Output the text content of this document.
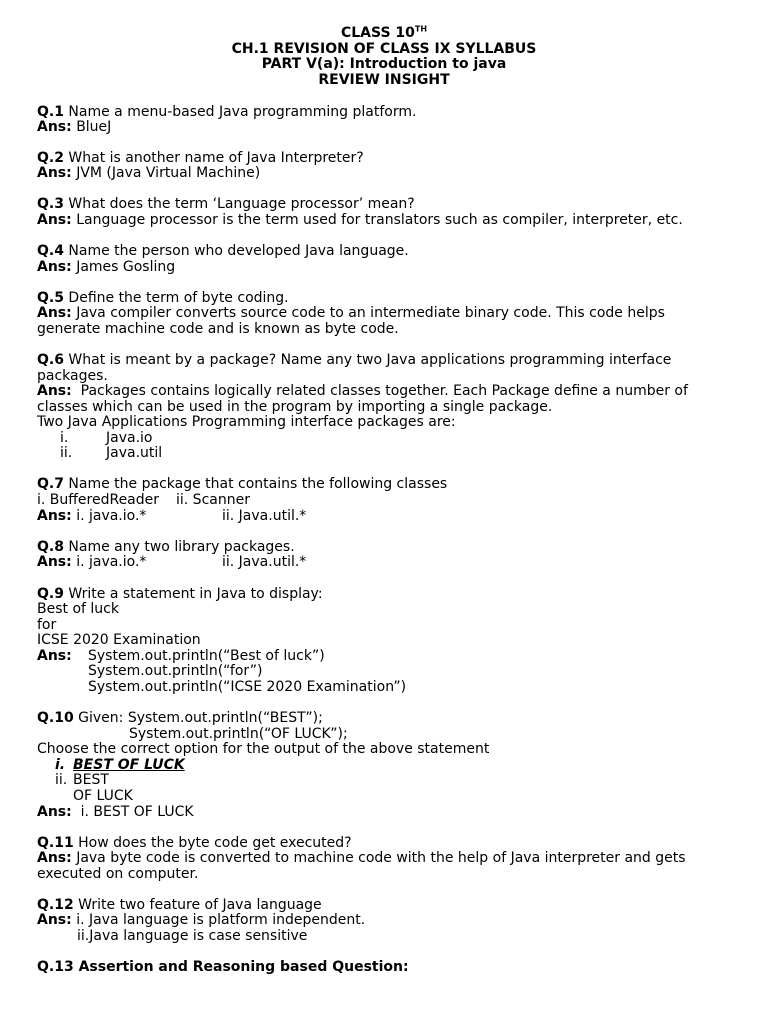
CLASS 10TH
CH.1 REVISION OF CLASS IX SYLLABUS
PART V(a): Introduction to java
REVIEW INSIGHT
Q.1 Name a menu-based Java programming platform.
Ans: BlueJ
Q.2 What is another name of Java Interpreter?
Ans: JVM (Java Virtual Machine)
Q.3 What does the term ‘Language processor’ mean?
Ans: Language processor is the term used for translators such as compiler, interpreter, etc.
Q.4 Name the person who developed Java language.
Ans: James Gosling
Q.5 Define the term of byte coding.
Ans: Java compiler converts source code to an intermediate binary code. This code helps
generate machine code and is known as byte code.
Q.6 What is meant by a package? Name any two Java applications programming interface
packages.
Ans: Packages contains logically related classes together. Each Package define a number of
classes which can be used in the program by importing a single package.
Two Java Applications Programming interface packages are:
i.	Java.io
ii. Java.util
Q.7 Name the package that contains the following classes
i. BufferedReader ii. Scanner
Ans: i. java.io.*	ii. Java.util.*
Q.8 Name any two library packages.
Ans: i. java.io.*	ii. Java.util.*
Q.9 Write a statement in Java to display:
Best of luck
for
ICSE 2020 Examination
Ans: System.out.println(“Best of luck”)
System.out.println(“for”)
System.out.println(“ICSE 2020 Examination”)
Q.10 Given: System.out.println(“BEST”);
System.out.println(“OF LUCK”);
Choose the correct option for the output of the above statement
i. BEST OF LUCK
ii. BEST
OF LUCK
Ans: i. BEST OF LUCK
Q.11 How does the byte code get executed?
Ans: Java byte code is converted to machine code with the help of Java interpreter and gets
executed on computer.
Q.12 Write two feature of Java language
Ans: i. Java language is platform independent.
ii.Java language is case sensitive
Q.13 Assertion and Reasoning based Question:
